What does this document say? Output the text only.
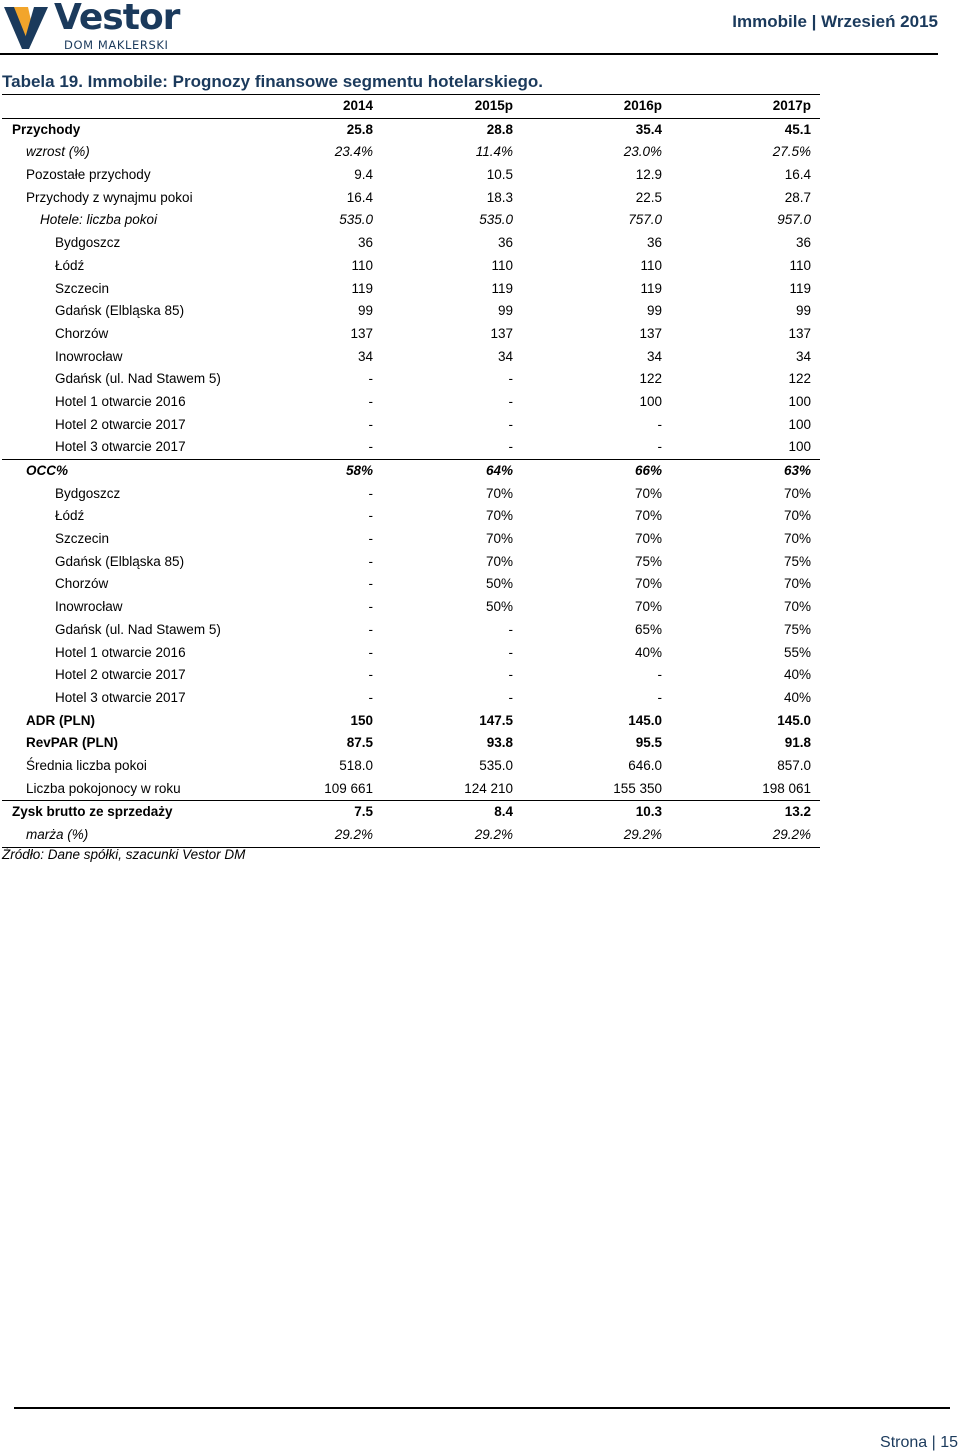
Vestor
DOM MAKLERSKI
Immobile | Wrzesień 2015
Tabela 19. Immobile: Prognozy finansowe segmentu hotelarskiego.
2014	2015p	2016p	2017p
Przychody	25.8	28.8	35.4	45.1
wzrost (%)	23.4%	11.4%	23.0%	27.5%
Pozostałe przychody	9.4	10.5	12.9	16.4
Przychody z wynajmu pokoi	16.4	18.3	22.5	28.7
Hotele: liczba pokoi	535.0	535.0	757.0	957.0
Bydgoszcz	36	36	36	36
Łódź	110	110	110	110
Szczecin	119	119	119	119
Gdańsk (Elbląska 85)	99	99	99	99
Chorzów	137	137	137	137
Inowrocław	34	34	34	34
Gdańsk (ul. Nad Stawem 5)	-	-	122	122
Hotel 1 otwarcie 2016	-	-	100	100
Hotel 2 otwarcie 2017	-	-	-	100
Hotel 3 otwarcie 2017	-	-	-	100
OCC%	58%	64%	66%	63%
Bydgoszcz	-	70%	70%	70%
Łódź	-	70%	70%	70%
Szczecin	-	70%	70%	70%
Gdańsk (Elbląska 85)	-	70%	75%	75%
Chorzów	-	50%	70%	70%
Inowrocław	-	50%	70%	70%
Gdańsk (ul. Nad Stawem 5)	-	-	65%	75%
Hotel 1 otwarcie 2016	-	-	40%	55%
Hotel 2 otwarcie 2017	-	-	-	40%
Hotel 3 otwarcie 2017	-	-	-	40%
ADR (PLN)	150	147.5	145.0	145.0
RevPAR (PLN)	87.5	93.8	95.5	91.8
Średnia liczba pokoi	518.0	535.0	646.0	857.0
Liczba pokojonocy w roku	109 661	124 210	155 350	198 061
Zysk brutto ze sprzedaży	7.5	8.4	10.3	13.2
marża (%)	29.2%	29.2%	29.2%	29.2%
Źródło: Dane spółki, szacunki Vestor DM
Strona | 15
